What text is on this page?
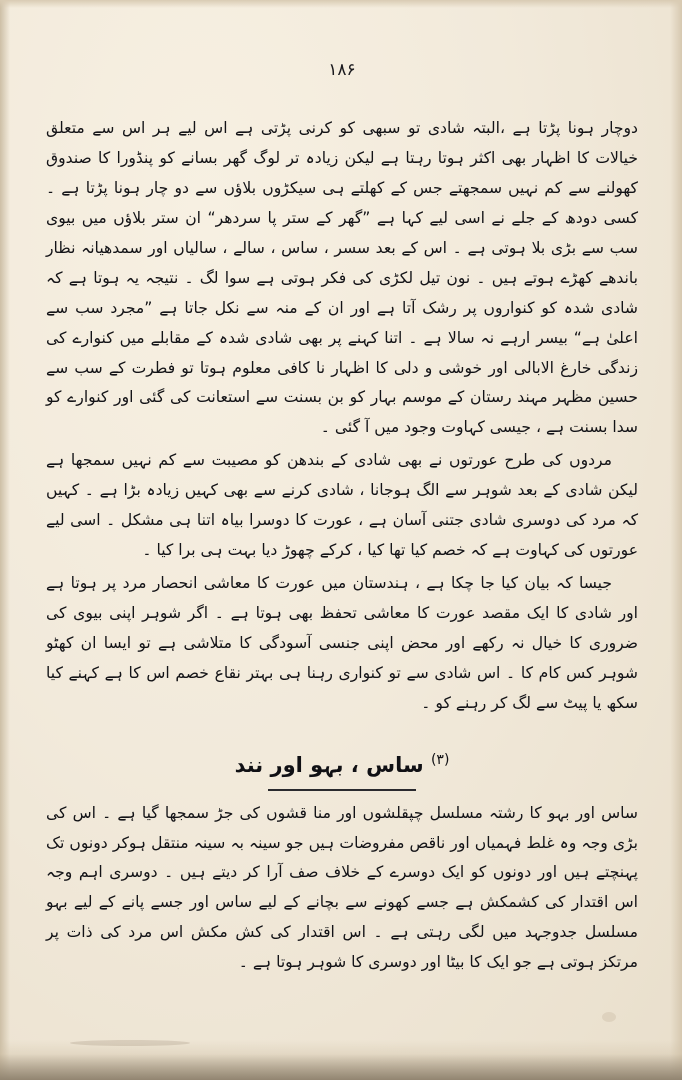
۱۸۶

دوچار ہونا پڑتا ہے ،البتہ شادی تو سبھی کو کرنی پڑتی ہے اس لیے ہر اس سے متعلق خیالات کا اظہار بھی اکثر ہوتا رہتا ہے لیکن زیادہ تر لوگ گھر بسانے کو پنڈورا کا صندوق کھولنے سے کم نہیں سمجھتے جس کے کھلتے ہی سیکڑوں بلاؤں سے دو چار ہونا پڑتا ہے ۔ کسی دودھ کے جلے نے اسی لیے کہا ہے ”گھر کے ستر پا سردھر“ ان ستر بلاؤں میں بیوی سب سے بڑی بلا ہوتی ہے ۔ اس کے بعد سسر ، ساس ، سالے ، سالیاں اور سمدھیانہ نظار باندھے کھڑے ہوتے ہیں ۔ نون تیل لکڑی کی فکر ہوتی ہے سوا لگ ۔ نتیجہ یہ ہوتا ہے کہ شادی شدہ کو کنواروں پر رشک آتا ہے اور ان کے منہ سے نکل جاتا ہے ”مجرد سب سے اعلیٰ ہے“ بیسر ارہے نہ سالا ہے ۔ اتنا کہنے پر بھی شادی شدہ کے مقابلے میں کنوارے کی زندگی خارغ الابالی اور خوشی و دلی کا اظہار نا کافی معلوم ہوتا تو فطرت کے سب سے حسین مظہر مہند رستان کے موسم بہار کو بن بسنت سے استعانت کی گئی اور کنوارے کو سدا بسنت ہے ، جیسی کہاوت وجود میں آ گئی ۔

مردوں کی طرح عورتوں نے بھی شادی کے بندھن کو مصیبت سے کم نہیں سمجھا ہے لیکن شادی کے بعد شوہر سے الگ ہوجانا ، شادی کرنے سے بھی کہیں زیادہ بڑا ہے ۔ کہیں کہ مرد کی دوسری شادی جتنی آسان ہے ، عورت کا دوسرا بیاہ اتنا ہی مشکل ۔ اسی لیے عورتوں کی کہاوت ہے کہ خصم کیا تھا کیا ، کرکے چھوڑ دیا بہت ہی برا کیا ۔

جیسا کہ بیان کیا جا چکا ہے ، ہندستان میں عورت کا معاشی انحصار مرد پر ہوتا ہے اور شادی کا ایک مقصد عورت کا معاشی تحفظ بھی ہوتا ہے ۔ اگر شوہر اپنی بیوی کی ضروری کا خیال نہ رکھے اور محض اپنی جنسی آسودگی کا متلاشی ہے تو ایسا ان کھٹو شوہر کس کام کا ۔ اس شادی سے تو کنواری رہنا ہی بہتر نقاع خصم اس کا ہے کہنے کیا سکھ یا پیٹ سے لگ کر رہنے کو ۔

$^{(۳)}$ ساس ، بہو اور نند

ساس اور بہو کا رشتہ مسلسل چپقلشوں اور منا قشوں کی جڑ سمجھا گیا ہے ۔ اس کی بڑی وجہ وہ غلط فہمیاں اور ناقص مفروضات ہیں جو سینہ بہ سینہ منتقل ہوکر دونوں تک پہنچتے ہیں اور دونوں کو ایک دوسرے کے خلاف صف آرا کر دیتے ہیں ۔ دوسری اہم وجہ اس اقتدار کی کشمکش ہے جسے کھونے سے بچانے کے لیے ساس اور جسے پانے کے لیے بہو مسلسل جدوجہد میں لگی رہتی ہے ۔ اس اقتدار کی کش مکش اس مرد کی ذات پر مرتکز ہوتی ہے جو ایک کا بیٹا اور دوسری کا شوہر ہوتا ہے ۔
